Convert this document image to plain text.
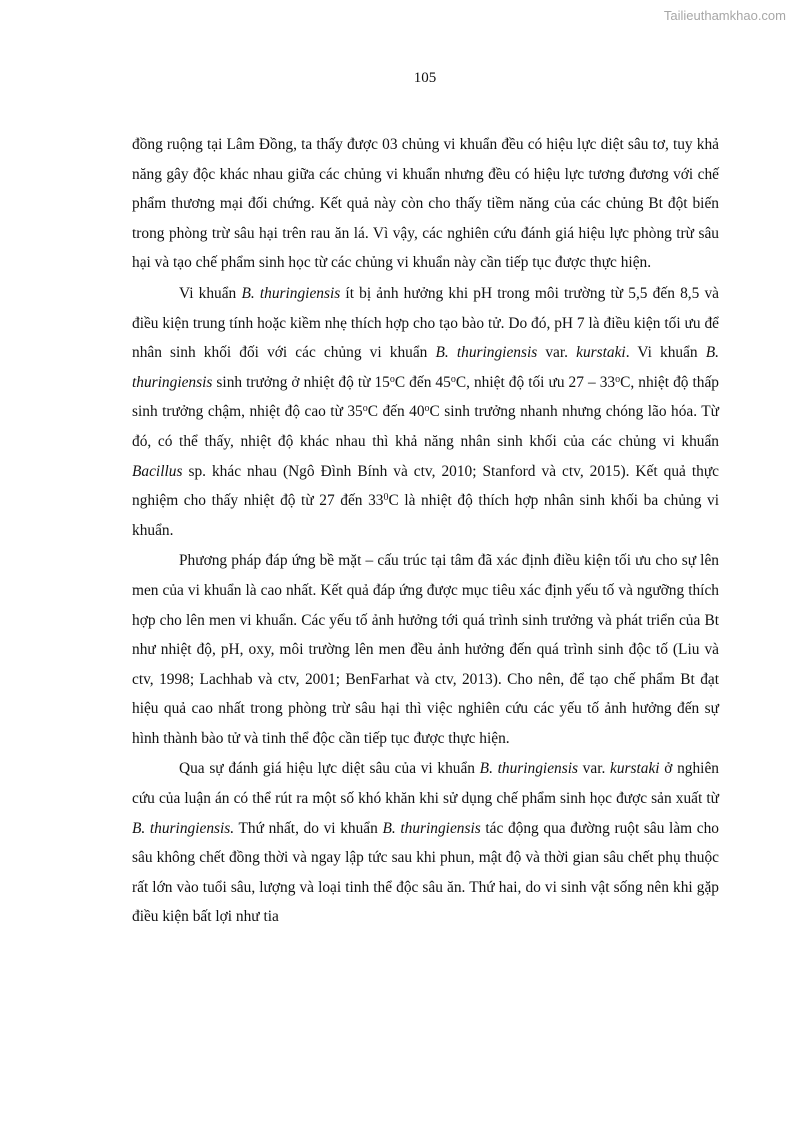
Tailieuthamkhao.com
105

đồng ruộng tại Lâm Đồng, ta thấy được 03 chủng vi khuẩn đều có hiệu lực diệt sâu tơ, tuy khả năng gây độc khác nhau giữa các chủng vi khuẩn nhưng đều có hiệu lực tương đương với chế phẩm thương mại đối chứng. Kết quả này còn cho thấy tiềm năng của các chủng Bt đột biến trong phòng trừ sâu hại trên rau ăn lá. Vì vậy, các nghiên cứu đánh giá hiệu lực phòng trừ sâu hại và tạo chế phẩm sinh học từ các chủng vi khuẩn này cần tiếp tục được thực hiện.

Vi khuẩn B. thuringiensis ít bị ảnh hưởng khi pH trong môi trường từ 5,5 đến 8,5 và điều kiện trung tính hoặc kiềm nhẹ thích hợp cho tạo bào tử. Do đó, pH 7 là điều kiện tối ưu để nhân sinh khối đối với các chủng vi khuẩn B. thuringiensis var. kurstaki. Vi khuẩn B. thuringiensis sinh trưởng ở nhiệt độ từ 15$^o$C đến 45$^o$C, nhiệt độ tối ưu 27 – 33$^o$C, nhiệt độ thấp sinh trưởng chậm, nhiệt độ cao từ 35$^o$C đến 40$^o$C sinh trưởng nhanh nhưng chóng lão hóa. Từ đó, có thể thấy, nhiệt độ khác nhau thì khả năng nhân sinh khối của các chủng vi khuẩn Bacillus sp. khác nhau (Ngô Đình Bính và ctv, 2010; Stanford và ctv, 2015). Kết quả thực nghiệm cho thấy nhiệt độ từ 27 đến $33^0C$ là nhiệt độ thích hợp nhân sinh khối ba chủng vi khuẩn.

Phương pháp đáp ứng bề mặt – cấu trúc tại tâm đã xác định điều kiện tối ưu cho sự lên men của vi khuẩn là cao nhất. Kết quả đáp ứng được mục tiêu xác định yếu tố và ngưỡng thích hợp cho lên men vi khuẩn. Các yếu tố ảnh hưởng tới quá trình sinh trưởng và phát triển của Bt như nhiệt độ, pH, oxy, môi trường lên men đều ảnh hưởng đến quá trình sinh độc tố (Liu và ctv, 1998; Lachhab và ctv, 2001; BenFarhat và ctv, 2013). Cho nên, để tạo chế phẩm Bt đạt hiệu quả cao nhất trong phòng trừ sâu hại thì việc nghiên cứu các yếu tố ảnh hưởng đến sự hình thành bào tử và tinh thể độc cần tiếp tục được thực hiện.

Qua sự đánh giá hiệu lực diệt sâu của vi khuẩn B. thuringiensis var. kurstaki ở nghiên cứu của luận án có thể rút ra một số khó khăn khi sử dụng chế phẩm sinh học được sản xuất từ B. thuringiensis. Thứ nhất, do vi khuẩn B. thuringiensis tác động qua đường ruột sâu làm cho sâu không chết đồng thời và ngay lập tức sau khi phun, mật độ và thời gian sâu chết phụ thuộc rất lớn vào tuổi sâu, lượng và loại tinh thể độc sâu ăn. Thứ hai, do vi sinh vật sống nên khi gặp điều kiện bất lợi như tia
